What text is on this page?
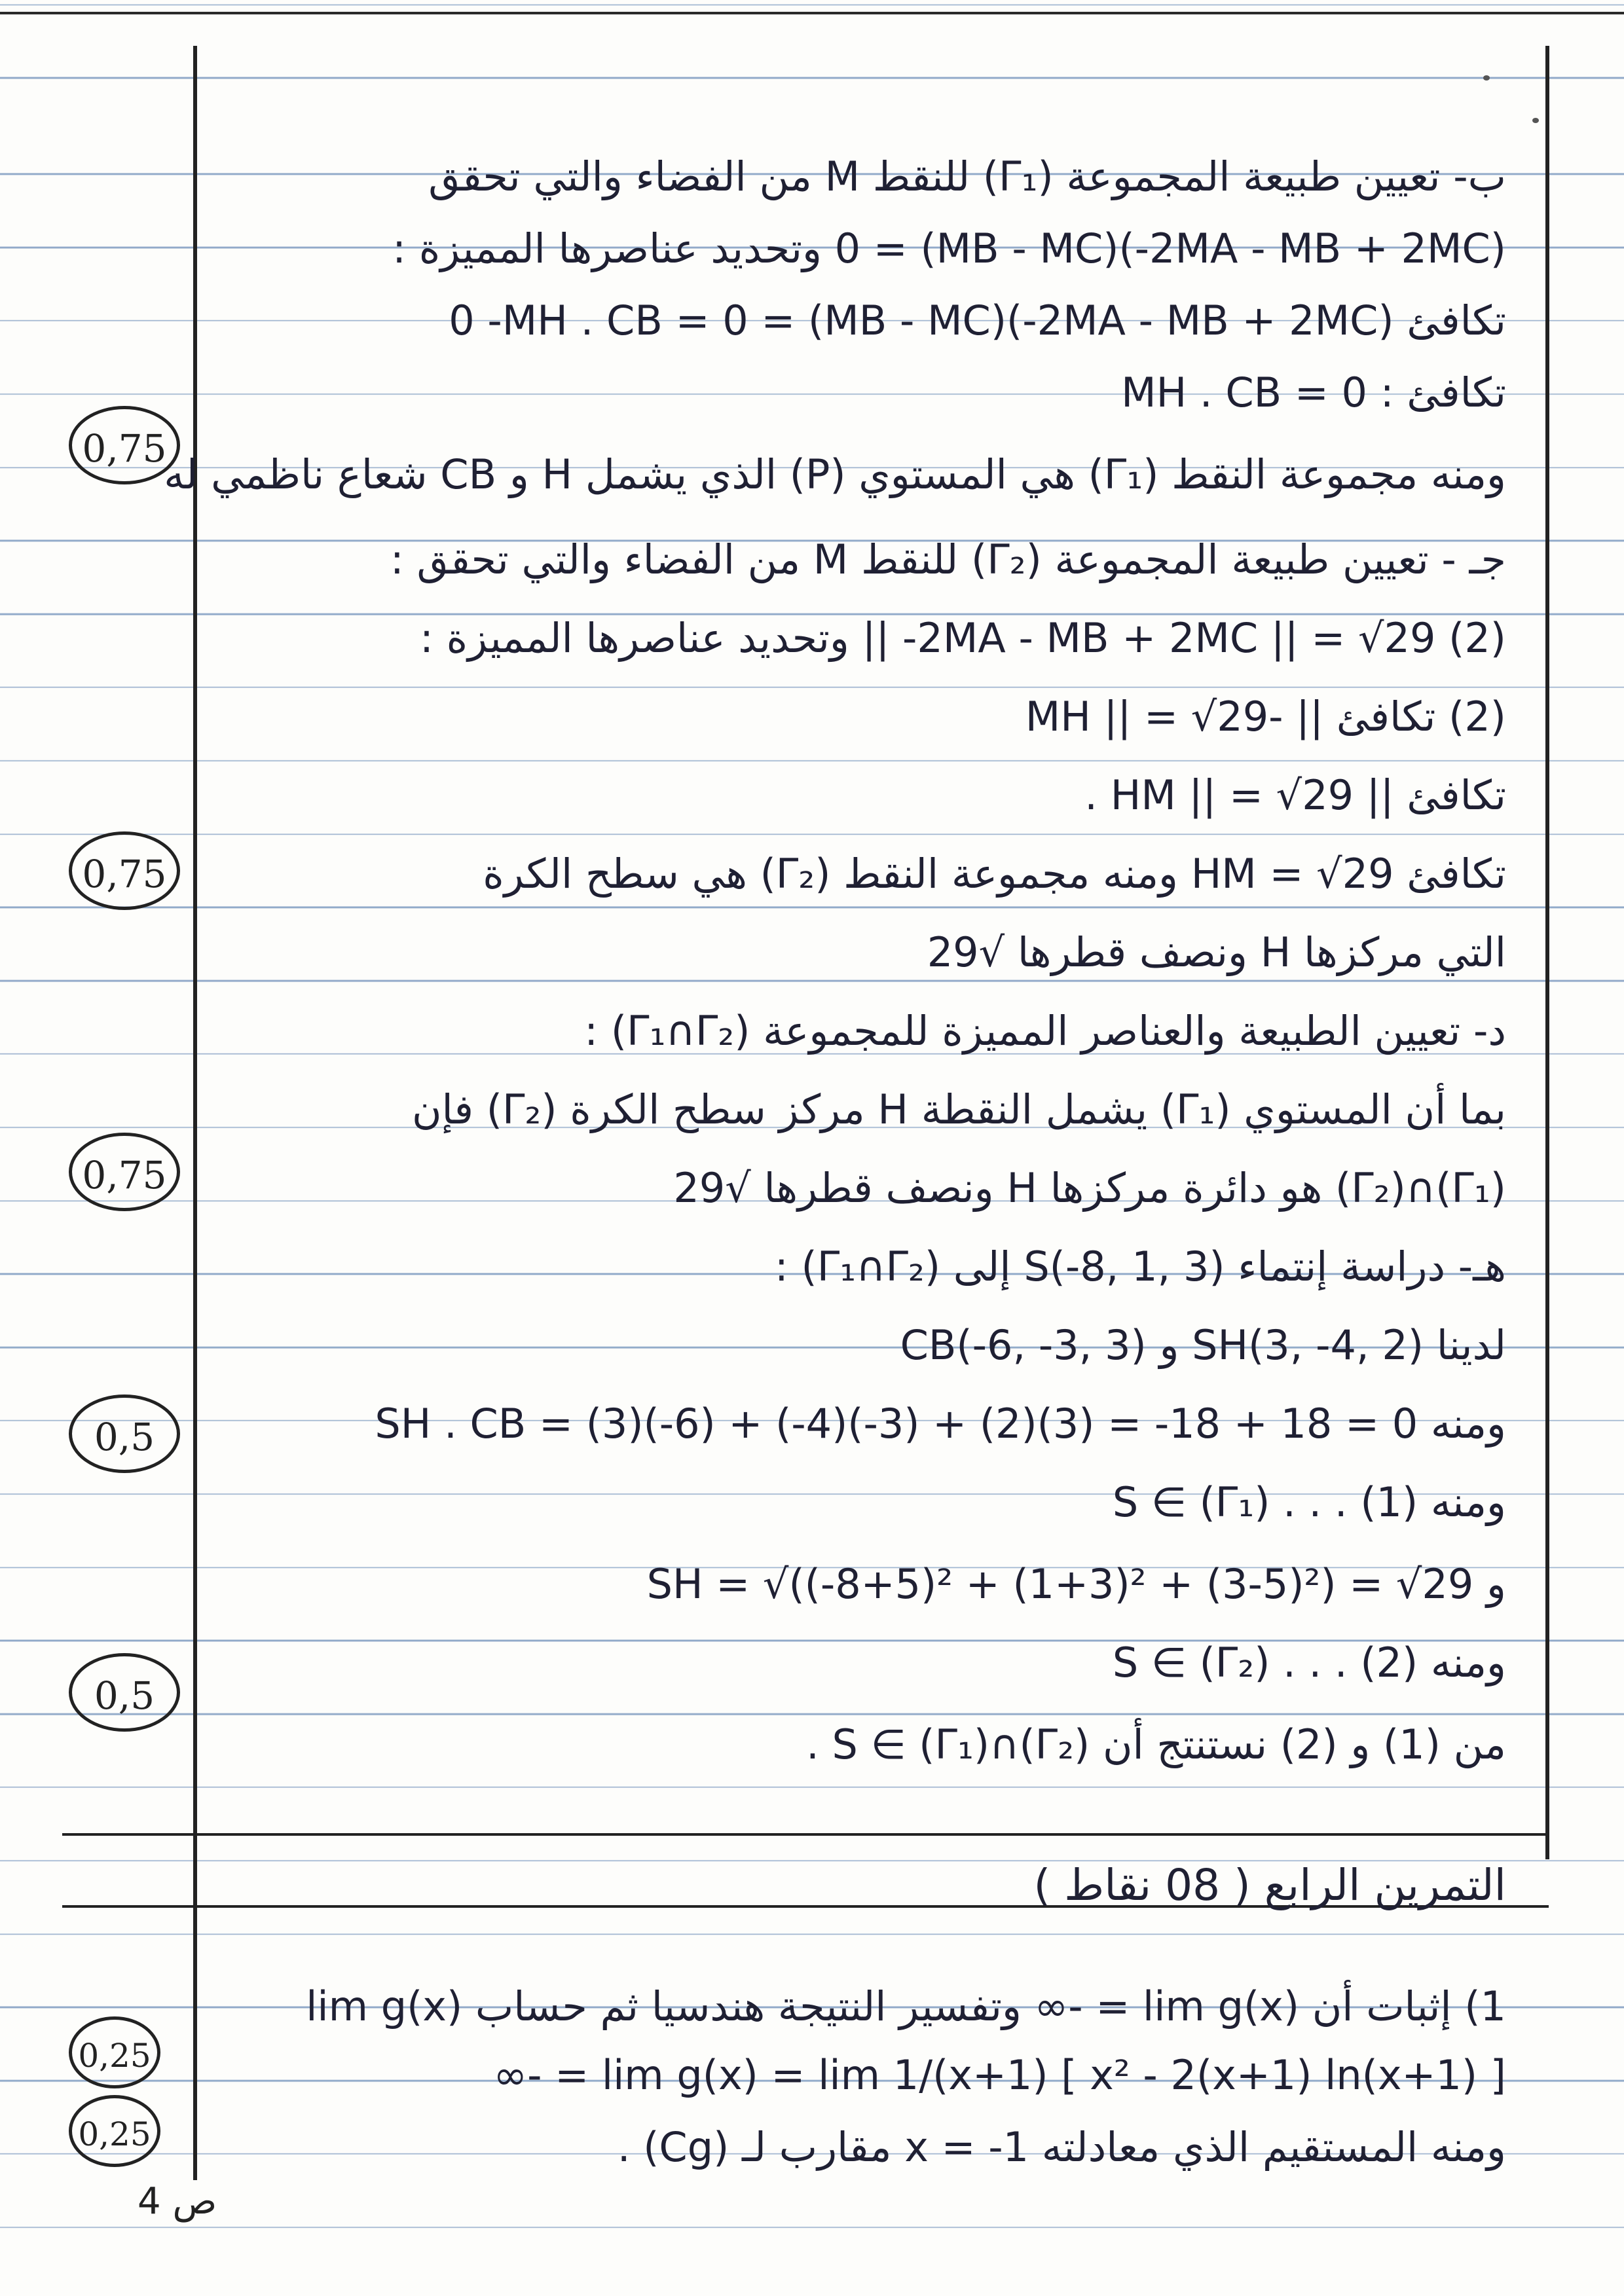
ب- تعيين طبيعة المجموعة (Γ₁) للنقط M من الفضاء والتي تحقق
(‎-2MA - MB + 2MC)(MB - MC) = 0 وتحديد عناصرها المميزة :
تكافئ (‎-2MA - MB + 2MC)(MB - MC) = 0 ‎-MH . CB = 0
تكافئ : MH . CB = 0
ومنه مجموعة النقط (Γ₁) هي المستوي (P) الذي يشمل H و CB شعاع ناظمي له
جـ - تعيين طبيعة المجموعة (Γ₂) للنقط M من الفضاء والتي تحقق :
(2) ‎|| -2MA - MB + 2MC || = √29 وتحديد عناصرها المميزة :
(2) تكافئ || -MH || = √29
تكافئ || HM || = √29 .
تكافئ HM = √29 ومنه مجموعة النقط (Γ₂) هي سطح الكرة
التي مركزها H ونصف قطرها √29
د- تعيين الطبيعة والعناصر المميزة للمجموعة (Γ₁∩Γ₂) :
بما أن المستوي (Γ₁) يشمل النقطة H مركز سطح الكرة (Γ₂) فإن
(Γ₁)∩(Γ₂) هو دائرة مركزها H ونصف قطرها √29
هـ- دراسة إنتماء S(-8, 1, 3) إلى (Γ₁∩Γ₂) :
لدينا SH(3, -4, 2) و CB(-6, -3, 3)
ومنه SH . CB = (3)(-6) + (-4)(-3) + (2)(3) = -18 + 18 = 0
ومنه S ∈ (Γ₁) . . . (1)
و SH = √((-8+5)² + (1+3)² + (3-5)²) = √29
ومنه S ∈ (Γ₂) . . . (2)
من (1) و (2) نستنتج أن S ∈ (Γ₁)∩(Γ₂) .
التمرين الرابع ( 08 نقاط )
1) إثبات أن lim g(x) = -∞ وتفسير النتيجة هندسيا ثم حساب lim g(x)
lim g(x) = lim 1/(x+1) [ x² - 2(x+1) ln(x+1) ] = -∞
ومنه المستقيم الذي معادلته x = -1 مقارب لـ (Cg) .
0,75
0,75
0,75
0,5
0,5
0,25
0,25
ص 4
